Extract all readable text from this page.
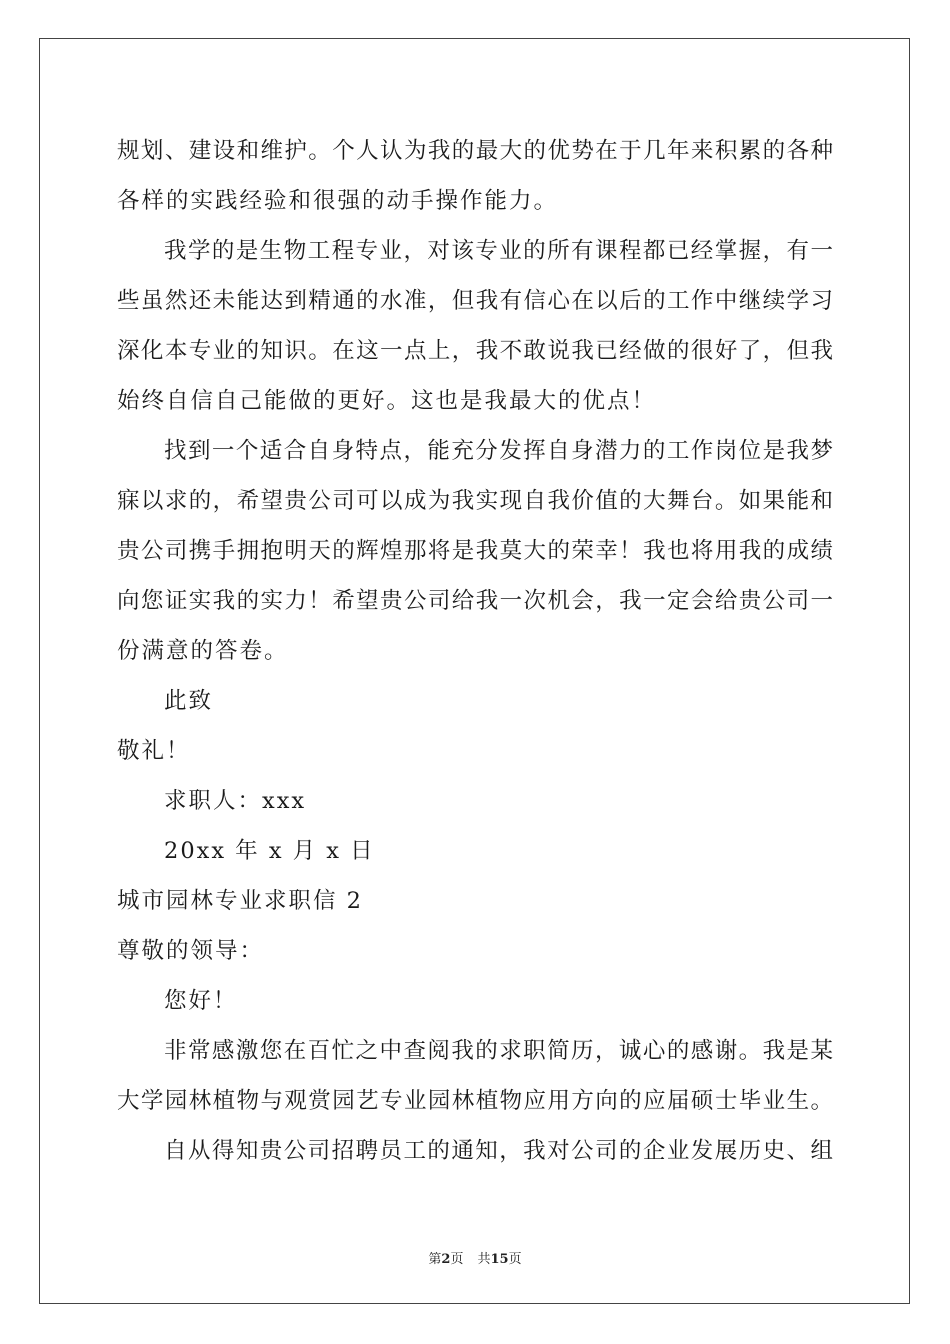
规划、建设和维护。个人认为我的最大的优势在于几年来积累的各种
各样的实践经验和很强的动手操作能力。
我学的是生物工程专业，对该专业的所有课程都已经掌握，有一
些虽然还未能达到精通的水准，但我有信心在以后的工作中继续学习
深化本专业的知识。在这一点上，我不敢说我已经做的很好了，但我
始终自信自己能做的更好。这也是我最大的优点！
找到一个适合自身特点，能充分发挥自身潜力的工作岗位是我梦
寐以求的，希望贵公司可以成为我实现自我价值的大舞台。如果能和
贵公司携手拥抱明天的辉煌那将是我莫大的荣幸！我也将用我的成绩
向您证实我的实力！希望贵公司给我一次机会，我一定会给贵公司一
份满意的答卷。
此致
敬礼！
求职人：xxx
20xx 年 x 月 x 日
城市园林专业求职信 2
尊敬的领导：
您好！
非常感激您在百忙之中查阅我的求职简历，诚心的感谢。我是某
大学园林植物与观赏园艺专业园林植物应用方向的应届硕士毕业生。
自从得知贵公司招聘员工的通知，我对公司的企业发展历史、组
第2页 共15页
